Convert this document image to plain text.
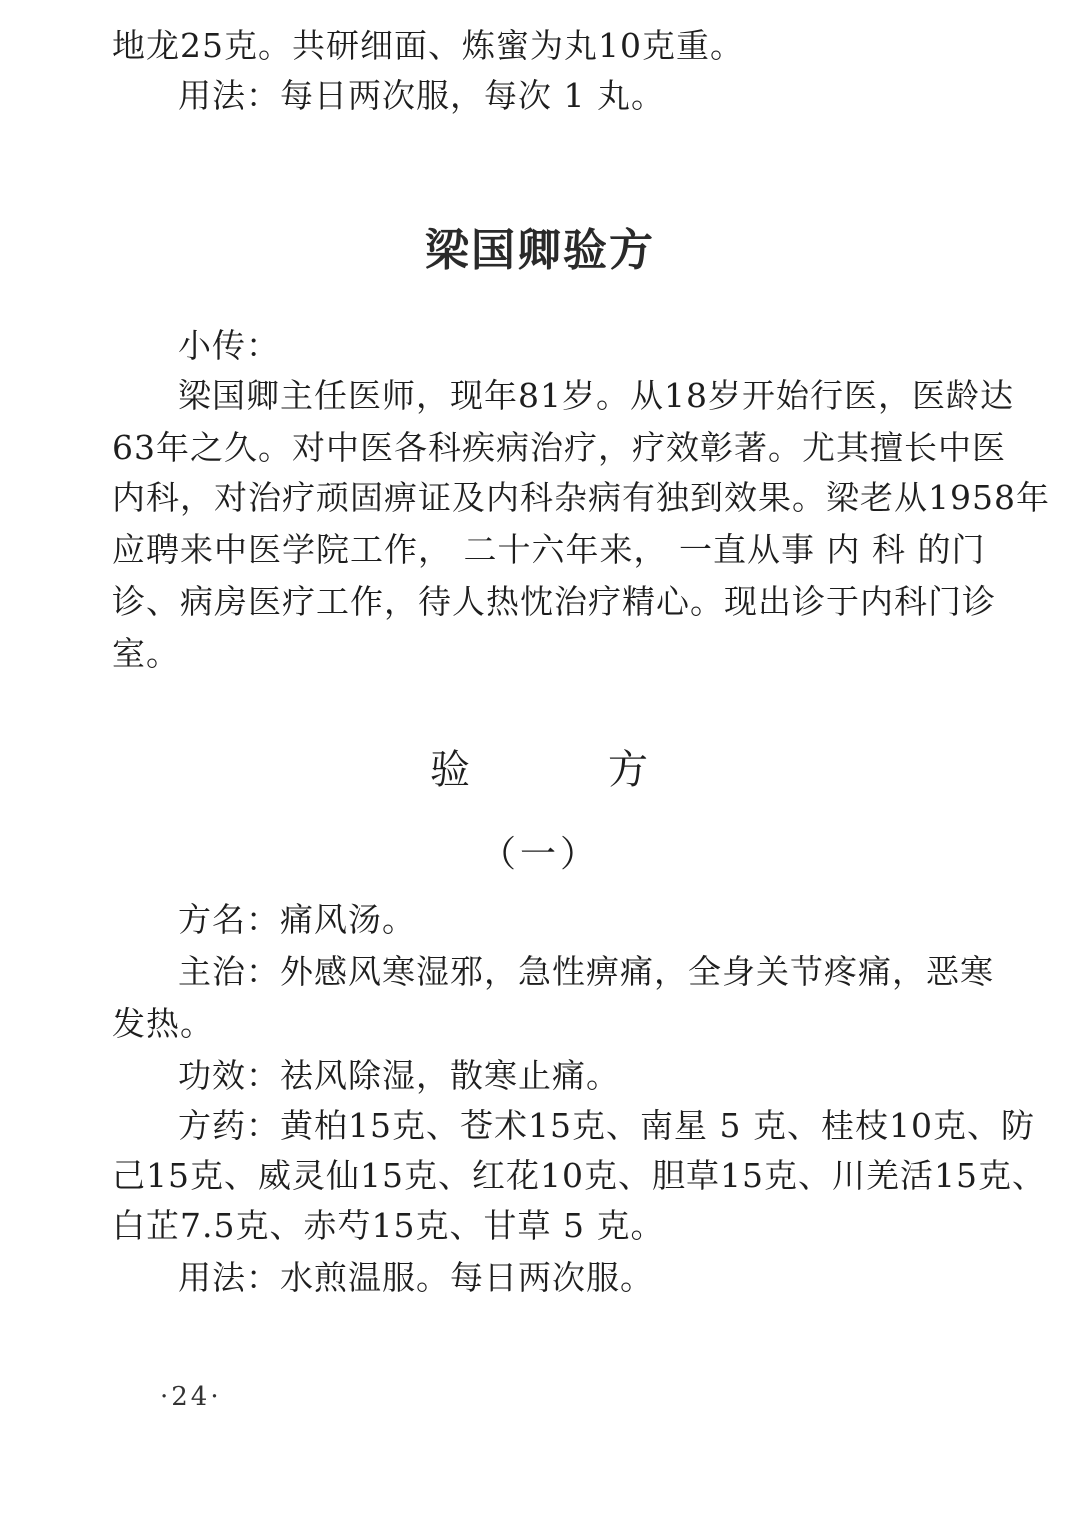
地龙25克。共研细面、炼蜜为丸10克重。
用法：每日两次服，每次 1 丸。
梁国卿验方
小传：
梁国卿主任医师，现年81岁。从18岁开始行医，医龄达
63年之久。对中医各科疾病治疗，疗效彰著。尤其擅长中医
内科，对治疗顽固痹证及内科杂病有独到效果。梁老从1958年
应聘来中医学院工作， 二十六年来， 一直从事 内 科 的门
诊、病房医疗工作，待人热忱治疗精心。现出诊于内科门诊
室。
验	方
（一）
方名：痛风汤。
主治：外感风寒湿邪，急性痹痛，全身关节疼痛，恶寒
发热。
功效：祛风除湿，散寒止痛。
方药：黄柏15克、苍术15克、南星 5 克、桂枝10克、防
己15克、威灵仙15克、红花10克、胆草15克、川羌活15克、
白芷7.5克、赤芍15克、甘草 5 克。
用法：水煎温服。每日两次服。
·24·
